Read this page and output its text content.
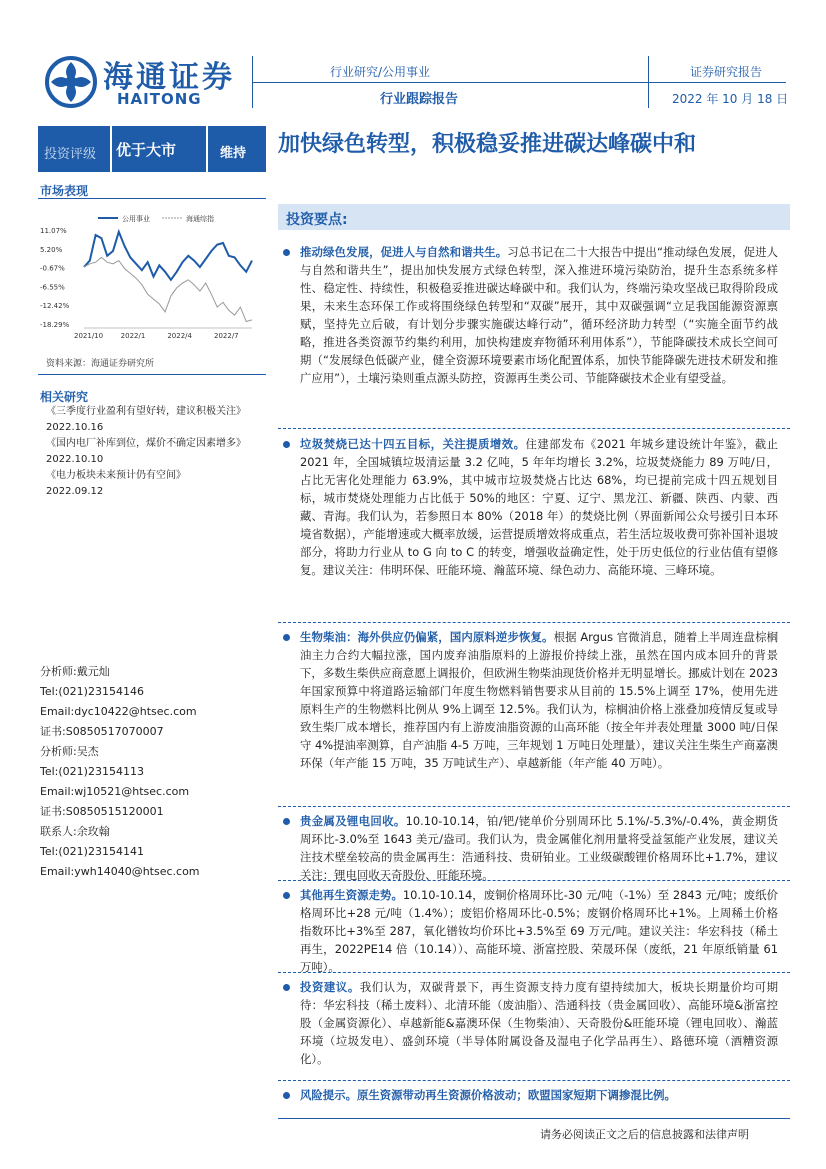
海通证券
HAITONG
行业研究/公用事业
行业跟踪报告
证券研究报告
2022 年 10 月 18 日
投资评级 优于大市	维持
市场表现
公用事业	海通综指
11.07%
5.20%
-0.67%
-6.55%
-12.42%
-18.29%
2021/10	2022/1	2022/4	2022/7
资料来源：海通证券研究所
相关研究
《三季度行业盈利有望好转，建议积极关注》
2022.10.16
《国内电厂补库到位，煤价不确定因素增多》
2022.10.10
《电力板块未来预计仍有空间》
2022.09.12
分析师:戴元灿
Tel:(021)23154146
Email:dyc10422@htsec.com
证书:S0850517070007
分析师:吴杰
Tel:(021)23154113
Email:wj10521@htsec.com
证书:S0850515120001
联系人:余玫翰
Tel:(021)23154141
Email:ywh14040@htsec.com
加快绿色转型，积极稳妥推进碳达峰碳中和
投资要点:
推动绿色发展，促进人与自然和谐共生。习总书记在二十大报告中提出“推动绿色发展，促进人与自然和谐共生”，提出加快发展方式绿色转型，深入推进环境污染防治，提升生态系统多样性、稳定性、持续性，积极稳妥推进碳达峰碳中和。我们认为，终端污染攻坚战已取得阶段成果，未来生态环保工作或将围绕绿色转型和“双碳”展开，其中双碳强调“立足我国能源资源禀赋，坚持先立后破，有计划分步骤实施碳达峰行动”，循环经济助力转型（“实施全面节约战略，推进各类资源节约集约利用，加快构建废弃物循环利用体系”），节能降碳技术成长空间可期（“发展绿色低碳产业，健全资源环境要素市场化配置体系，加快节能降碳先进技术研发和推广应用”），土壤污染则重点源头防控，资源再生类公司、节能降碳技术企业有望受益。
垃圾焚烧已达十四五目标，关注提质增效。住建部发布《2021 年城乡建设统计年鉴》，截止 2021 年，全国城镇垃圾清运量 3.2 亿吨，5 年年均增长 3.2%，垃圾焚烧能力 89 万吨/日，占比无害化处理能力 63.9%，其中城市垃圾焚烧占比达 68%，均已提前完成十四五规划目标，城市焚烧处理能力占比低于 50%的地区：宁夏、辽宁、黑龙江、新疆、陕西、内蒙、西藏、青海。我们认为，若参照日本 80%（2018 年）的焚烧比例（界面新闻公众号援引日本环境省数据），产能增速或大概率放缓，运营提质增效将成重点，若生活垃圾收费可弥补国补退坡部分，将助力行业从 to G 向 to C 的转变，增强收益确定性，处于历史低位的行业估值有望修复。建议关注：伟明环保、旺能环境、瀚蓝环境、绿色动力、高能环境、三峰环境。
生物柴油：海外供应仍偏紧，国内原料逆步恢复。根据 Argus 官微消息，随着上半周连盘棕榈油主力合约大幅拉涨，国内废弃油脂原料的上游报价持续上涨，虽然在国内成本回升的背景下，多数生柴供应商意愿上调报价，但欧洲生物柴油现货价格并无明显增长。挪威计划在 2023 年国家预算中将道路运输部门年度生物燃料销售要求从目前的 15.5%上调至 17%，使用先进原料生产的生物燃料比例从 9%上调至 12.5%。我们认为，棕榈油价格上涨叠加疫情反复或导致生柴厂成本增长，推荐国内有上游废油脂资源的山高环能（按全年并表处理量 3000 吨/日保守 4%提油率测算，自产油脂 4-5 万吨，三年规划 1 万吨日处理量），建议关注生柴生产商嘉澳环保（年产能 15 万吨，35 万吨试生产）、卓越新能（年产能 40 万吨）。
贵金属及锂电回收。10.10-10.14，铂/钯/铑单价分别周环比 5.1%/-5.3%/-0.4%，黄金期货周环比-3.0%至 1643 美元/盎司。我们认为，贵金属催化剂用量将受益氢能产业发展，建议关注技术壁垒较高的贵金属再生：浩通科技、贵研铂业。工业级碳酸锂价格周环比+1.7%，建议关注：锂电回收天奇股份、旺能环境。
其他再生资源走势。10.10-10.14，废铜价格周环比-30 元/吨（-1%）至 2843 元/吨；废纸价格周环比+28 元/吨（1.4%）；废铝价格周环比-0.5%；废钢价格周环比+1%。上周稀土价格指数环比+3%至 287，氧化镨钕均价环比+3.5%至 69 万元/吨。建议关注：华宏科技（稀土再生，2022PE14 倍（10.14））、高能环境、浙富控股、荣晟环保（废纸，21 年原纸销量 61 万吨）。
投资建议。我们认为，双碳背景下，再生资源支持力度有望持续加大，板块长期量价均可期待：华宏科技（稀土废料）、北清环能（废油脂）、浩通科技（贵金属回收）、高能环境&浙富控股（金属资源化）、卓越新能&嘉澳环保（生物柴油）、天奇股份&旺能环境（锂电回收）、瀚蓝环境（垃圾发电）、盛剑环境（半导体附属设备及湿电子化学品再生）、路德环境（酒糟资源化）。
风险提示。原生资源带动再生资源价格波动；欧盟国家短期下调掺混比例。
请务必阅读正文之后的信息披露和法律声明
